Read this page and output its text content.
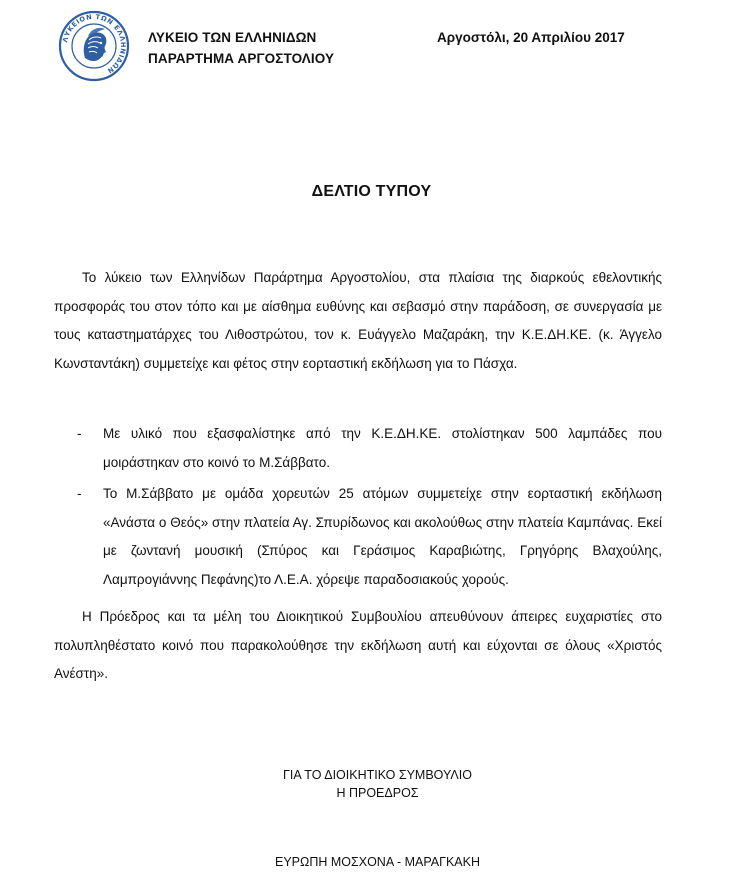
ΛΥΚΕΙΟΝ ΤΩΝ ΕΛΛΗΝΙΔΩΝ
ΛΥΚΕΙΟ ΤΩΝ ΕΛΛΗΝΙΔΩΝ
ΠΑΡΑΡΤΗΜΑ ΑΡΓΟΣΤΟΛΙΟΥ
Αργοστόλι, 20 Απριλίου 2017
ΔΕΛΤΙΟ ΤΥΠΟΥ
Το λύκειο των Ελληνίδων Παράρτημα Αργοστολίου, στα πλαίσια της διαρκούς εθελοντικής προσφοράς του στον τόπο και με αίσθημα ευθύνης και σεβασμό στην παράδοση, σε συνεργασία με τους καταστηματάρχες του Λιθοστρώτου, τον κ. Ευάγγελο Μαζαράκη, την Κ.Ε.ΔΗ.ΚΕ. (κ. Άγγελο Κωνσταντάκη) συμμετείχε και φέτος στην εορταστική εκδήλωση για το Πάσχα.
- Με υλικό που εξασφαλίστηκε από την Κ.Ε.ΔΗ.ΚΕ. στολίστηκαν 500 λαμπάδες που μοιράστηκαν στο κοινό το Μ.Σάββατο.
- Το Μ.Σάββατο με ομάδα χορευτών 25 ατόμων συμμετείχε στην εορταστική εκδήλωση «Ανάστα ο Θεός» στην πλατεία Αγ. Σπυρίδωνος και ακολούθως στην πλατεία Καμπάνας. Εκεί με ζωντανή μουσική (Σπύρος και Γεράσιμος Καραβιώτης, Γρηγόρης Βλαχούλης, Λαμπρογιάννης Πεφάνης)το Λ.Ε.Α. χόρεψε παραδοσιακούς χορούς.
Η Πρόεδρος και τα μέλη του Διοικητικού Συμβουλίου απευθύνουν άπειρες ευχαριστίες στο πολυπληθέστατο κοινό που παρακολούθησε την εκδήλωση αυτή και εύχονται σε όλους «Χριστός Ανέστη».
ΓΙΑ ΤΟ ΔΙΟΙΚΗΤΙΚΟ ΣΥΜΒΟΥΛΙΟ
Η ΠΡΟΕΔΡΟΣ
ΕΥΡΩΠΗ ΜΟΣΧΟΝΑ - ΜΑΡΑΓΚΑΚΗ
